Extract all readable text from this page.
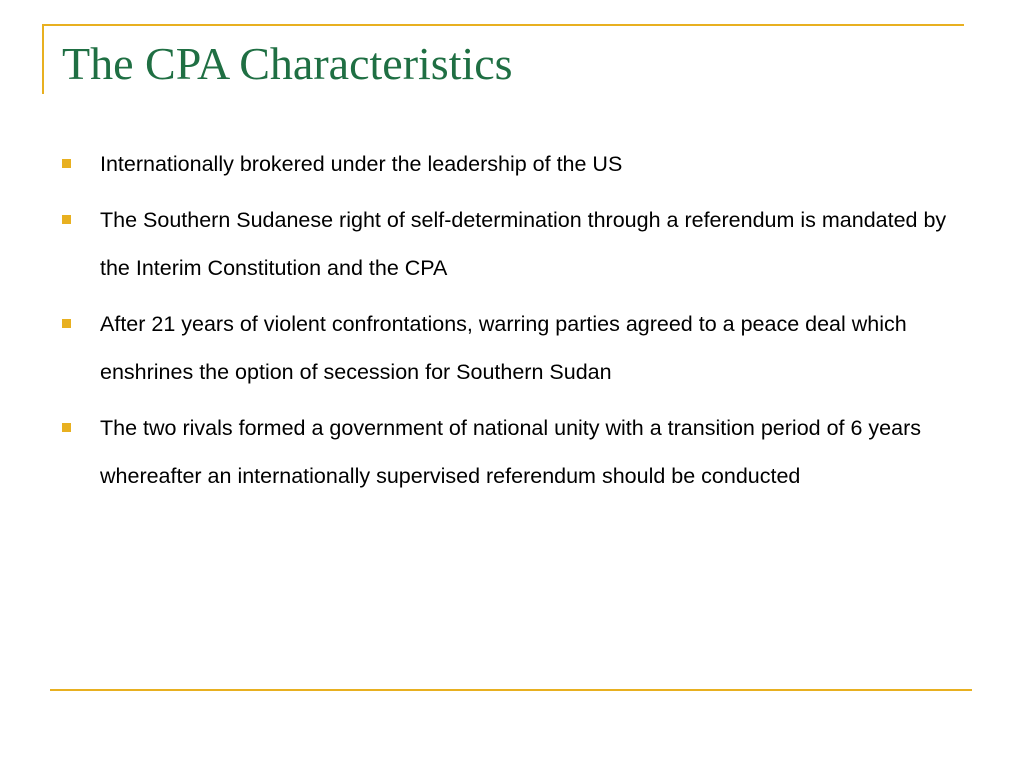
The CPA Characteristics
Internationally brokered under the leadership of the US
The Southern Sudanese right of self-determination through a referendum is mandated by the Interim Constitution and the CPA
After 21 years of violent confrontations, warring parties agreed to a peace deal which enshrines the option of secession for Southern Sudan
The two rivals formed a government of national unity with a transition period of 6 years whereafter an internationally supervised referendum should be conducted
